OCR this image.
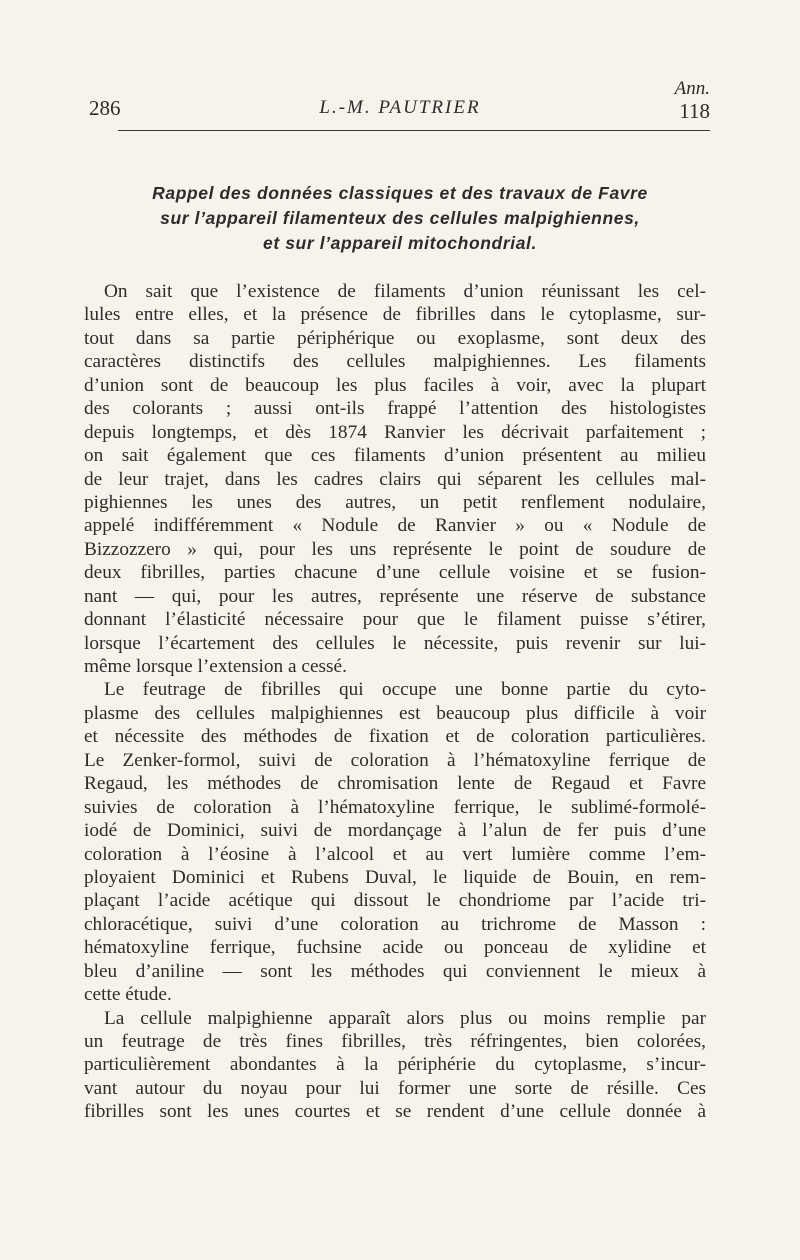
286	L.-M. PAUTRIER
Ann.
118
Rappel des données classiques et des travaux de Favre
sur l’appareil filamenteux des cellules malpighiennes,
et sur l’appareil mitochondrial.
On sait que l’existence de filaments d’union réunissant les cel-
lules entre elles, et la présence de fibrilles dans le cytoplasme, sur-
tout dans sa partie périphérique ou exoplasme, sont deux des
caractères distinctifs des cellules malpighiennes. Les filaments
d’union sont de beaucoup les plus faciles à voir, avec la plupart
des colorants ; aussi ont-ils frappé l’attention des histologistes
depuis longtemps, et dès 1874 Ranvier les décrivait parfaitement ;
on sait également que ces filaments d’union présentent au milieu
de leur trajet, dans les cadres clairs qui séparent les cellules mal-
pighiennes les unes des autres, un petit renflement nodulaire,
appelé indifféremment « Nodule de Ranvier » ou « Nodule de
Bizzozzero » qui, pour les uns représente le point de soudure de
deux fibrilles, parties chacune d’une cellule voisine et se fusion-
nant — qui, pour les autres, représente une réserve de substance
donnant l’élasticité nécessaire pour que le filament puisse s’étirer,
lorsque l’écartement des cellules le nécessite, puis revenir sur lui-
même lorsque l’extension a cessé.
Le feutrage de fibrilles qui occupe une bonne partie du cyto-
plasme des cellules malpighiennes est beaucoup plus difficile à voir
et nécessite des méthodes de fixation et de coloration particulières.
Le Zenker-formol, suivi de coloration à l’hématoxyline ferrique de
Regaud, les méthodes de chromisation lente de Regaud et Favre
suivies de coloration à l’hématoxyline ferrique, le sublimé-formolé-
iodé de Dominici, suivi de mordançage à l’alun de fer puis d’une
coloration à l’éosine à l’alcool et au vert lumière comme l’em-
ployaient Dominici et Rubens Duval, le liquide de Bouin, en rem-
plaçant l’acide acétique qui dissout le chondriome par l’acide tri-
chloracétique, suivi d’une coloration au trichrome de Masson :
hématoxyline ferrique, fuchsine acide ou ponceau de xylidine et
bleu d’aniline — sont les méthodes qui conviennent le mieux à
cette étude.
La cellule malpighienne apparaît alors plus ou moins remplie par
un feutrage de très fines fibrilles, très réfringentes, bien colorées,
particulièrement abondantes à la périphérie du cytoplasme, s’incur-
vant autour du noyau pour lui former une sorte de résille. Ces
fibrilles sont les unes courtes et se rendent d’une cellule donnée à
